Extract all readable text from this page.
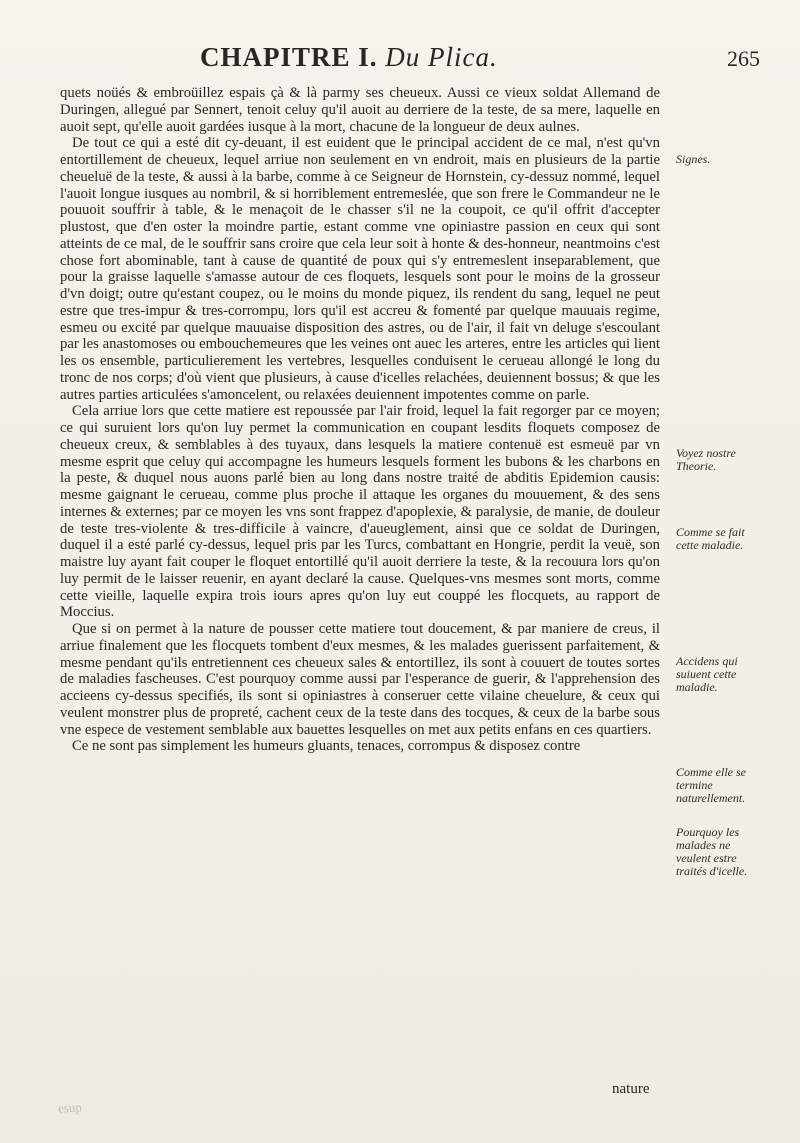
CHAPITRE I. Du Plica.	265

quets noüés & embroüillez espais çà & là parmy ses cheueux. Aussi ce vieux soldat Allemand de Duringen, allegué par Sennert, tenoit celuy qu'il auoit au derriere de la teste, de sa mere, laquelle en auoit sept, qu'elle auoit gardées iusque à la mort, chacune de la longueur de deux aulnes.

De tout ce qui a esté dit cy-deuant, il est euident que le principal accident de ce mal, n'est qu'vn entortillement de cheueux, lequel arriue non seulement en vn endroit, mais en plusieurs de la partie cheueluë de la teste, & aussi à la barbe, comme à ce Seigneur de Hornstein, cy-dessuz nommé, lequel l'auoit longue iusques au nombril, & si horriblement entremeslée, que son frere le Commandeur ne le pouuoit souffrir à table, & le menaçoit de le chasser s'il ne la coupoit, ce qu'il offrit d'accepter plustost, que d'en oster la moindre partie, estant comme vne opiniastre passion en ceux qui sont atteints de ce mal, de le souffrir sans croire que cela leur soit à honte & des-honneur, neantmoins c'est chose fort abominable, tant à cause de quantité de poux qui s'y entremeslent inseparablement, que pour la graisse laquelle s'amasse autour de ces floquets, lesquels sont pour le moins de la grosseur d'vn doigt; outre qu'estant coupez, ou le moins du monde piquez, ils rendent du sang, lequel ne peut estre que tres-impur & tres-corrompu, lors qu'il est accreu & fomenté par quelque mauuais regime, esmeu ou excité par quelque mauuaise disposition des astres, ou de l'air, il fait vn deluge s'escoulant par les anastomoses ou embouchemeures que les veines ont auec les arteres, entre les articles qui lient les os ensemble, particulierement les vertebres, lesquelles conduisent le cerueau allongé le long du tronc de nos corps; d'où vient que plusieurs, à cause d'icelles relachées, deuiennent bossus; & que les autres parties articulées s'amoncelent, ou relaxées deuiennent impotentes comme on parle.

Cela arriue lors que cette matiere est repoussée par l'air froid, lequel la fait regorger par ce moyen; ce qui suruient lors qu'on luy permet la communication en coupant lesdits floquets composez de cheueux creux, & semblables à des tuyaux, dans lesquels la matiere contenuë est esmeuë par vn mesme esprit que celuy qui accompagne les humeurs lesquels forment les bubons & les charbons en la peste, & duquel nous auons parlé bien au long dans nostre traité de abditis Epidemion causis: mesme gaignant le cerueau, comme plus proche il attaque les organes du mouuement, & des sens internes & externes; par ce moyen les vns sont frappez d'apoplexie, & paralysie, de manie, de douleur de teste tres-violente & tres-difficile à vaincre, d'aueuglement, ainsi que ce soldat de Duringen, duquel il a esté parlé cy-dessus, lequel pris par les Turcs, combattant en Hongrie, perdit la veuë, son maistre luy ayant fait couper le floquet entortillé qu'il auoit derriere la teste, & la recouura lors qu'on luy permit de le laisser reuenir, en ayant declaré la cause. Quelques-vns mesmes sont morts, comme cette vieille, laquelle expira trois iours apres qu'on luy eut couppé les flocquets, au rapport de Moccius.

Que si on permet à la nature de pousser cette matiere tout doucement, & par maniere de creus, il arriue finalement que les flocquets tombent d'eux mesmes, & les malades guerissent parfaitement, & mesme pendant qu'ils entretiennent ces cheueux sales & entortillez, ils sont à couuert de toutes sortes de maladies fascheuses. C'est pourquoy comme aussi par l'esperance de guerir, & l'apprehension des accieens cy-dessus specifiés, ils sont si opiniastres à conseruer cette vilaine cheuelure, & ceux qui veulent monstrer plus de propreté, cachent ceux de la teste dans des tocques, & ceux de la barbe sous vne espece de vestement semblable aux bauettes lesquelles on met aux petits enfans en ces quartiers.

Ce ne sont pas simplement les humeurs gluants, tenaces, corrompus & disposez contre

Signes.
Voyez nostre Theorie.
Comme se fait cette maladie.
Accidens qui suiuent cette maladie.
Comme elle se termine naturellement.
Pourquoy les malades ne veulent estre traités d'icelle.
nature
esup
